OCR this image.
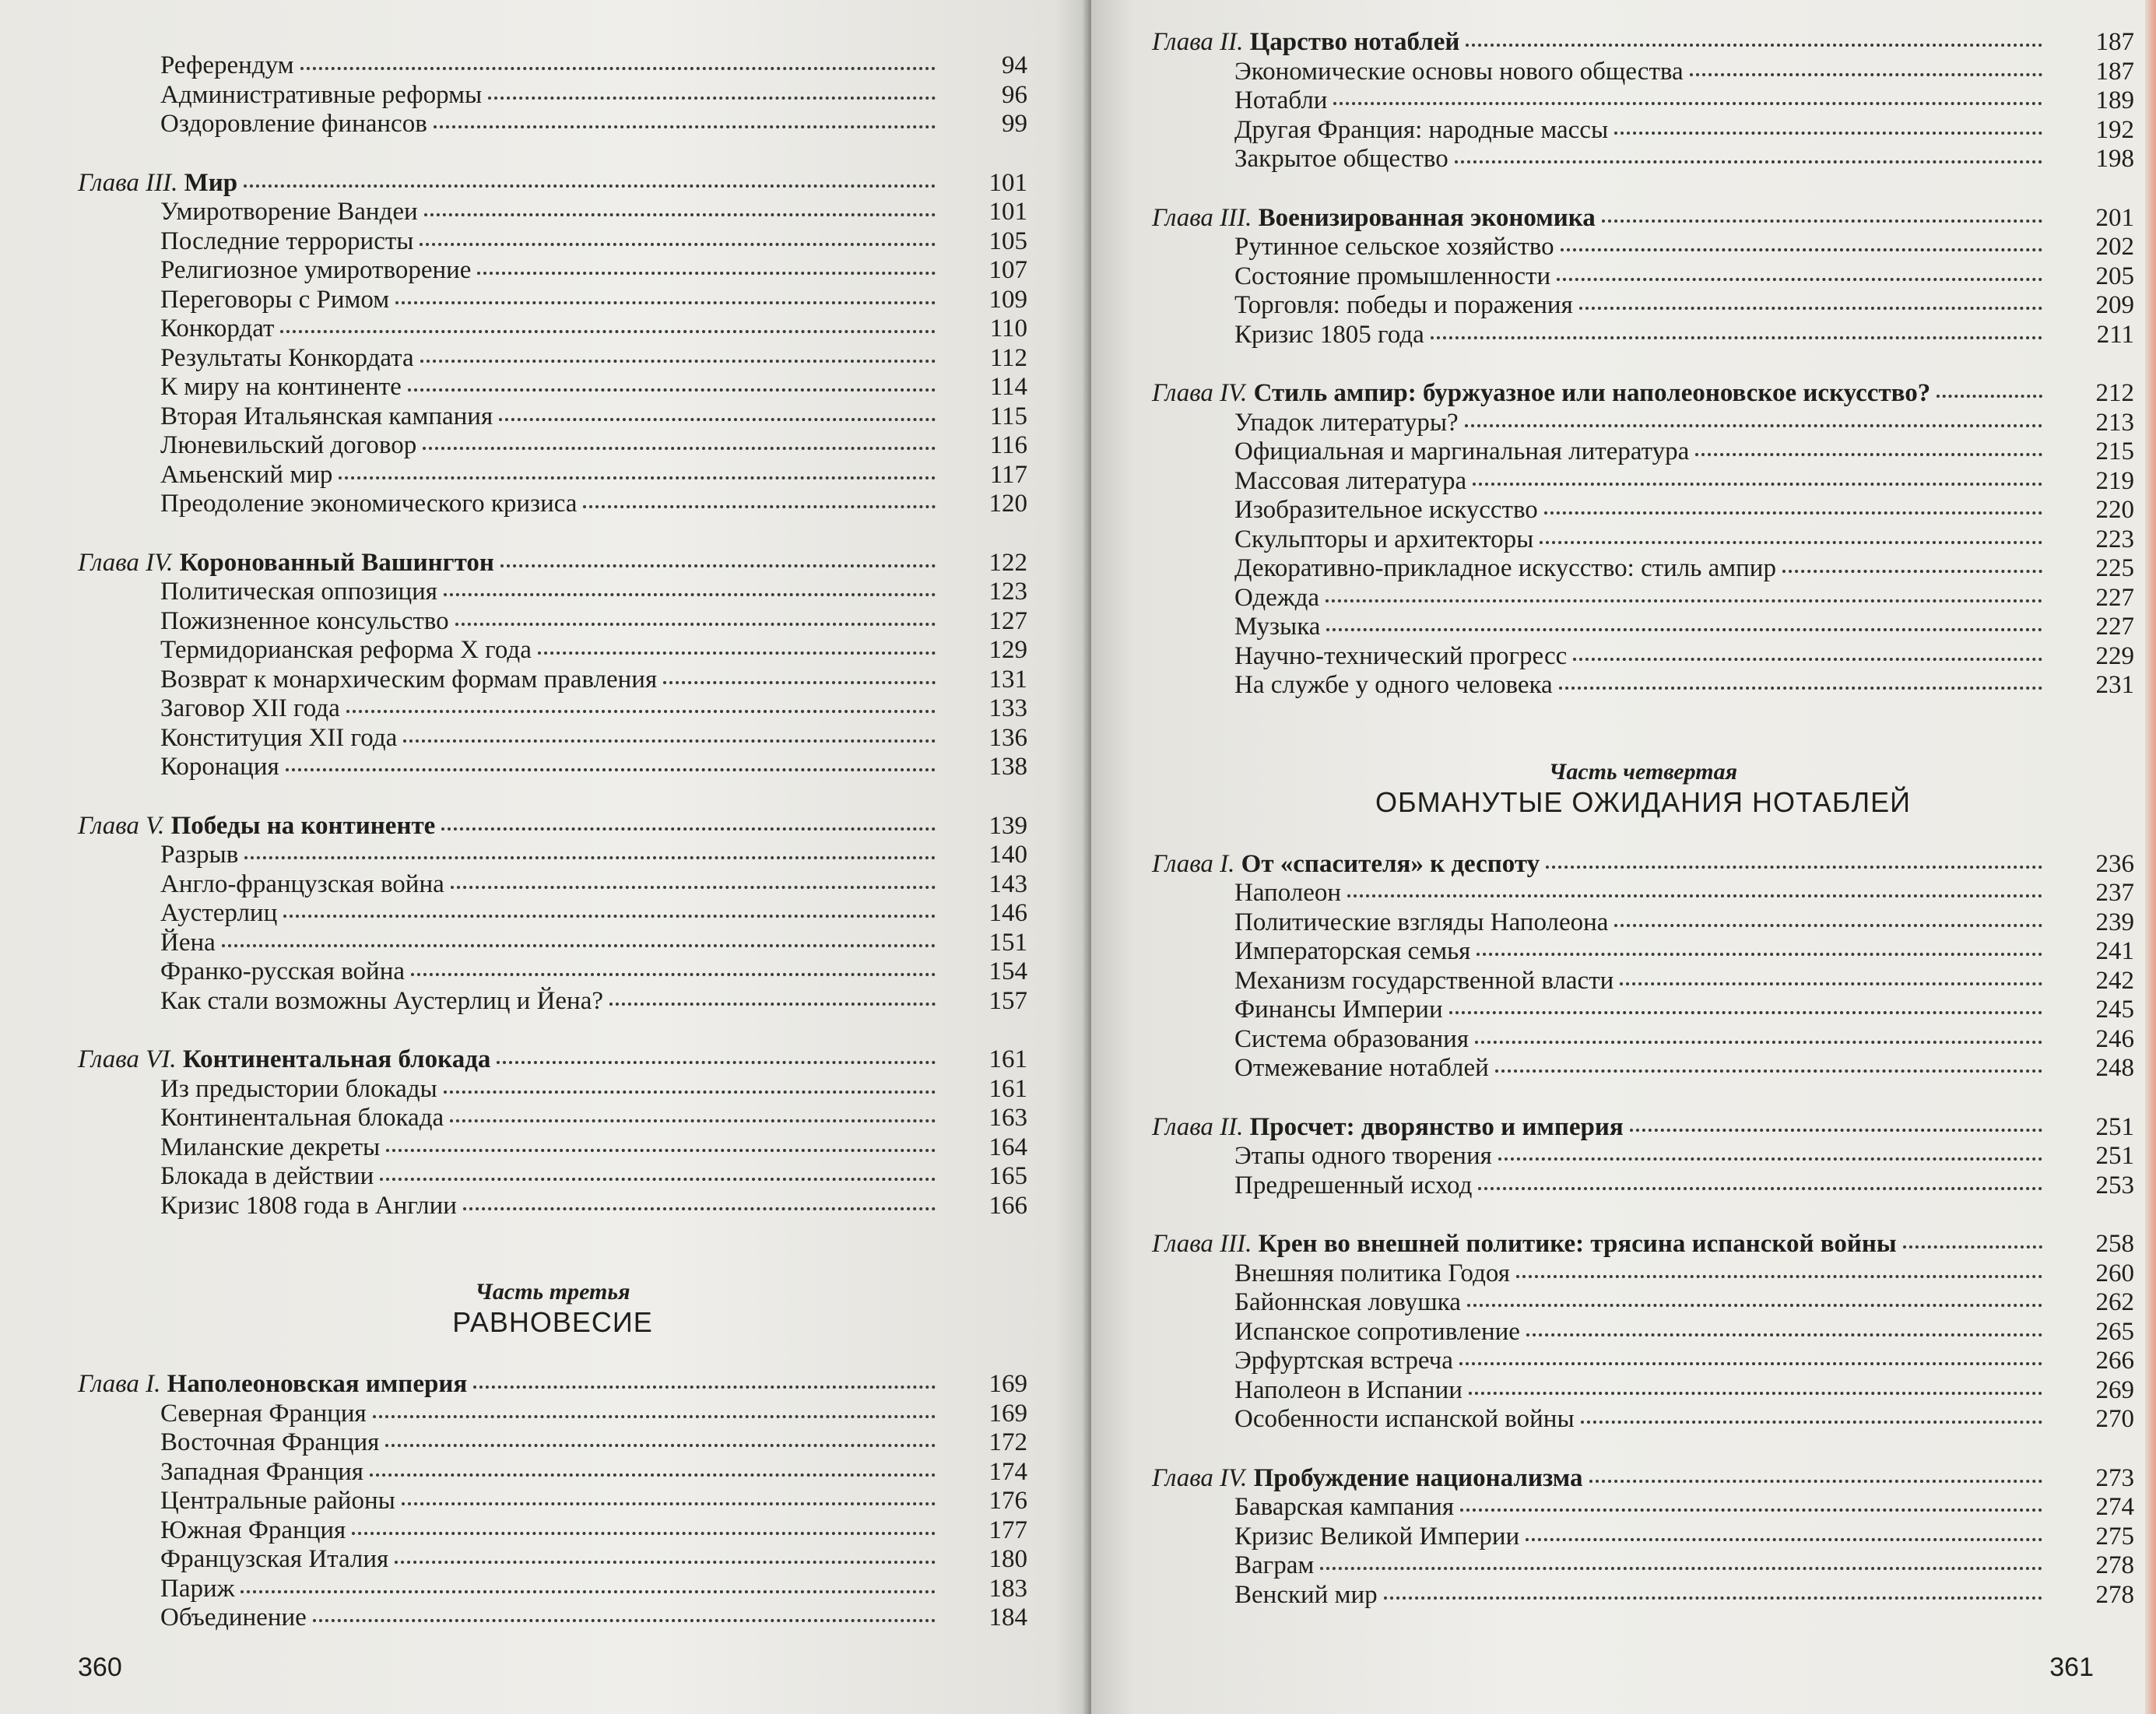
Референдум	94
Административные реформы	96
Оздоровление финансов	99
Глава III. Мир	101
Умиротворение Вандеи	101
Последние террористы	105
Религиозное умиротворение	107
Переговоры с Римом	109
Конкордат	110
Результаты Конкордата	112
К миру на континенте	114
Вторая Итальянская кампания	115
Люневильский договор	116
Амьенский мир	117
Преодоление экономического кризиса	120
Глава IV. Коронованный Вашингтон	122
Политическая оппозиция	123
Пожизненное консульство	127
Термидорианская реформа X года	129
Возврат к монархическим формам правления	131
Заговор XII года	133
Конституция XII года	136
Коронация	138
Глава V. Победы на континенте	139
Разрыв	140
Англо-французская война	143
Аустерлиц	146
Йена	151
Франко-русская война	154
Как стали возможны Аустерлиц и Йена?	157
Глава VI. Континентальная блокада	161
Из предыстории блокады	161
Континентальная блокада	163
Миланские декреты	164
Блокада в действии	165
Кризис 1808 года в Англии	166
Часть третья
РАВНОВЕСИЕ
Глава I. Наполеоновская империя	169
Северная Франция	169
Восточная Франция	172
Западная Франция	174
Центральные районы	176
Южная Франция	177
Французская Италия	180
Париж	183
Объединение	184
360
Глава II. Царство нотаблей	187
Экономические основы нового общества	187
Нотабли	189
Другая Франция: народные массы	192
Закрытое общество	198
Глава III. Военизированная экономика	201
Рутинное сельское хозяйство	202
Состояние промышленности	205
Торговля: победы и поражения	209
Кризис 1805 года	211
Глава IV. Стиль ампир: буржуазное или наполеоновское искусство?	212
Упадок литературы?	213
Официальная и маргинальная литература	215
Массовая литература	219
Изобразительное искусство	220
Скульпторы и архитекторы	223
Декоративно-прикладное искусство: стиль ампир	225
Одежда	227
Музыка	227
Научно-технический прогресс	229
На службе у одного человека	231
Часть четвертая
ОБМАНУТЫЕ ОЖИДАНИЯ НОТАБЛЕЙ
Глава I. От «спасителя» к деспоту	236
Наполеон	237
Политические взгляды Наполеона	239
Императорская семья	241
Механизм государственной власти	242
Финансы Империи	245
Система образования	246
Отмежевание нотаблей	248
Глава II. Просчет: дворянство и империя	251
Этапы одного творения	251
Предрешенный исход	253
Глава III. Крен во внешней политике: трясина испанской войны	258
Внешняя политика Годоя	260
Байоннская ловушка	262
Испанское сопротивление	265
Эрфуртская встреча	266
Наполеон в Испании	269
Особенности испанской войны	270
Глава IV. Пробуждение национализма	273
Баварская кампания	274
Кризис Великой Империи	275
Ваграм	278
Венский мир	278
361
